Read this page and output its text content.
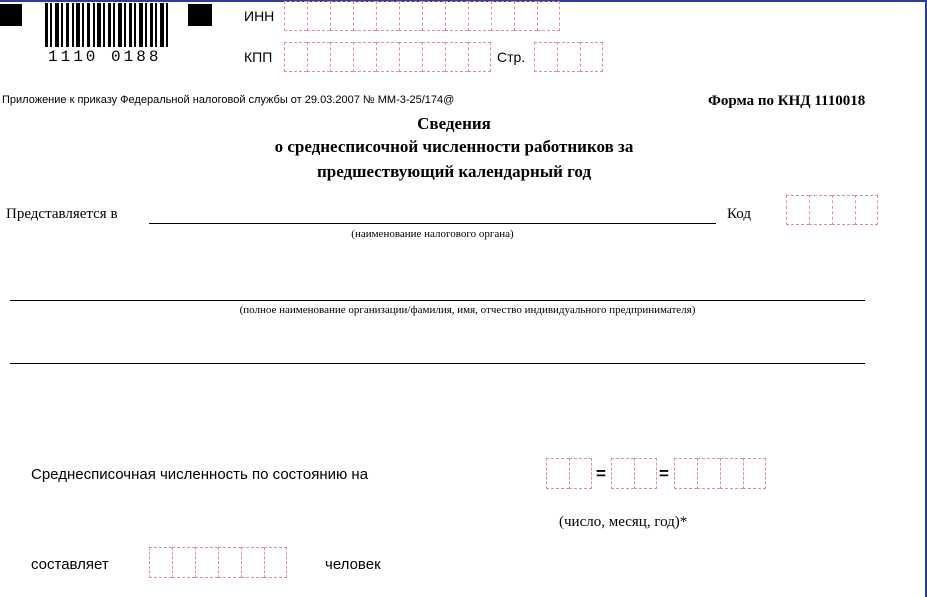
1110 0188
ИНН
КПП	Стр.
Приложение к приказу Федеральной налоговой службы от 29.03.2007 № ММ-3-25/174@	Форма по КНД 1110018
Сведения
о среднесписочной численности работников за
предшествующий календарный год
Представляется в
(наименование налогового органа)
Код
(полное наименование организации/фамилия, имя, отчество индивидуального предпринимателя)
Среднесписочная численность по состоянию на	=	=
(число, месяц, год)*
составляет	человек
